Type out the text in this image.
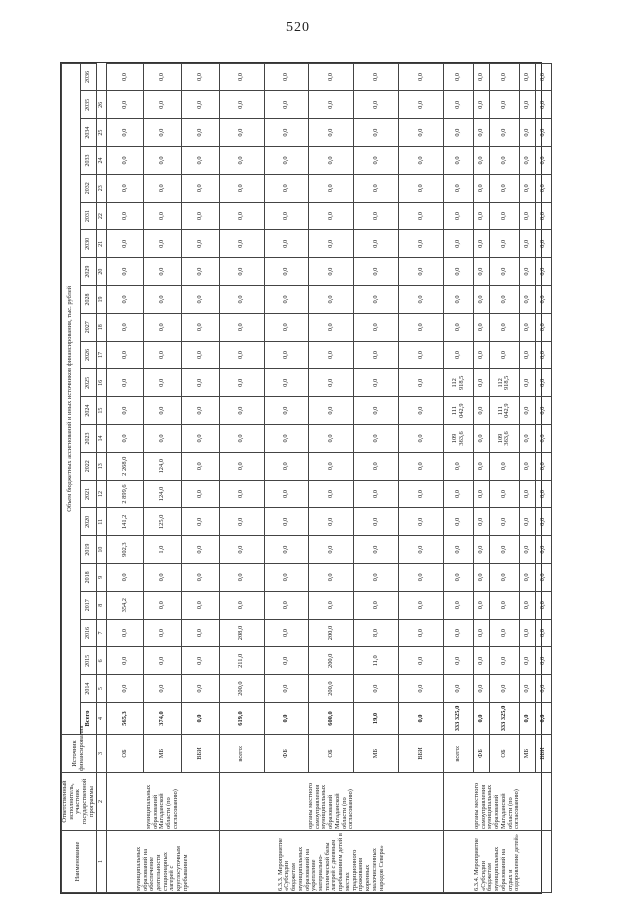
520
Наименование	Ответственный исполнитель, участник государственной программы	Источник финансирования	Объем бюджетных ассигнований и иных источников финансирования, тыс. рублей																							
			Всего	2014	2015	2016	2017	2018	2019	2020	2021	2022	2023	2024	2025	2026	2027	2028	2029	2030	2031	2032	2033	2034	2035	2036
1	2	3	4	5	6	7	8	9	10	11	12	13	14	15	16	17	18	19	20	21	22	23	24	25	26	
муниципальных образований на обеспечение деятельности стационарных лагерей с круглосуточным пребыванием	муниципальных образований Магаданской области (по согласованию)	ОБ	565,3	0,0	0,0	0,0	354,2	0,0	902,3	141,2	2 899,6	2 268,0	0,0	0,0	0,0	0,0	0,0	0,0	0,0	0,0	0,0	0,0	0,0	0,0	0,0	0,0
		МБ	374,0	0,0	0,0	0,0	0,0	0,0	1,0	125,0	124,0	124,0	0,0	0,0	0,0	0,0	0,0	0,0	0,0	0,0	0,0	0,0	0,0	0,0	0,0	0,0
		ВБИ	0,0	0,0	0,0	0,0	0,0	0,0	0,0	0,0	0,0	0,0	0,0	0,0	0,0	0,0	0,0	0,0	0,0	0,0	0,0	0,0	0,0	0,0	0,0	0,0
6.3.3. Мероприятие «Субсидии бюджетам муниципальных образований на укрепление материально-технической базы лагерей с дневным пребыванием детей в местах традиционного проживания коренных малочисленных народов Севера»	органы местного самоуправления муниципальных образований Магаданской области (по согласованию)	всего:	619,0	200,0	211,0	208,0	0,0	0,0	0,0	0,0	0,0	0,0	0,0	0,0	0,0	0,0	0,0	0,0	0,0	0,0	0,0	0,0	0,0	0,0	0,0	0,0
		ФБ	0,0	0,0	0,0	0,0	0,0	0,0	0,0	0,0	0,0	0,0	0,0	0,0	0,0	0,0	0,0	0,0	0,0	0,0	0,0	0,0	0,0	0,0	0,0	0,0
		ОБ	600,0	200,0	200,0	200,0	0,0	0,0	0,0	0,0	0,0	0,0	0,0	0,0	0,0	0,0	0,0	0,0	0,0	0,0	0,0	0,0	0,0	0,0	0,0	0,0
		МБ	19,0	0,0	11,0	8,0	0,0	0,0	0,0	0,0	0,0	0,0	0,0	0,0	0,0	0,0	0,0	0,0	0,0	0,0	0,0	0,0	0,0	0,0	0,0	0,0
		ВБИ	0,0	0,0	0,0	0,0	0,0	0,0	0,0	0,0	0,0	0,0	0,0	0,0	0,0	0,0	0,0	0,0	0,0	0,0	0,0	0,0	0,0	0,0	0,0	0,0
6.3.4. Мероприятие «Субсидии бюджетам муниципальных образований на отдых и оздоровление детей»	органы местного самоуправления муниципальных образований Магаданской области (по согласованию)	всего:	333 325,0	0,0	0,0	0,0	0,0	0,0	0,0	0,0	0,0	0,0	109 363,6	111 042,9	112 918,5	0,0	0,0	0,0	0,0	0,0	0,0	0,0	0,0	0,0	0,0	0,0
		ФБ	0,0	0,0	0,0	0,0	0,0	0,0	0,0	0,0	0,0	0,0	0,0	0,0	0,0	0,0	0,0	0,0	0,0	0,0	0,0	0,0	0,0	0,0	0,0	0,0
		ОБ	333 325,0	0,0	0,0	0,0	0,0	0,0	0,0	0,0	0,0	0,0	109 363,6	111 042,9	112 918,5	0,0	0,0	0,0	0,0	0,0	0,0	0,0	0,0	0,0	0,0	0,0
		МБ	0,0	0,0	0,0	0,0	0,0	0,0	0,0	0,0	0,0	0,0	0,0	0,0	0,0	0,0	0,0	0,0	0,0	0,0	0,0	0,0	0,0	0,0	0,0	0,0
		ВБИ	0,0	0,0	0,0	0,0	0,0	0,0	0,0	0,0	0,0	0,0	0,0	0,0	0,0	0,0	0,0	0,0	0,0	0,0	0,0	0,0	0,0	0,0	0,0	0,0
